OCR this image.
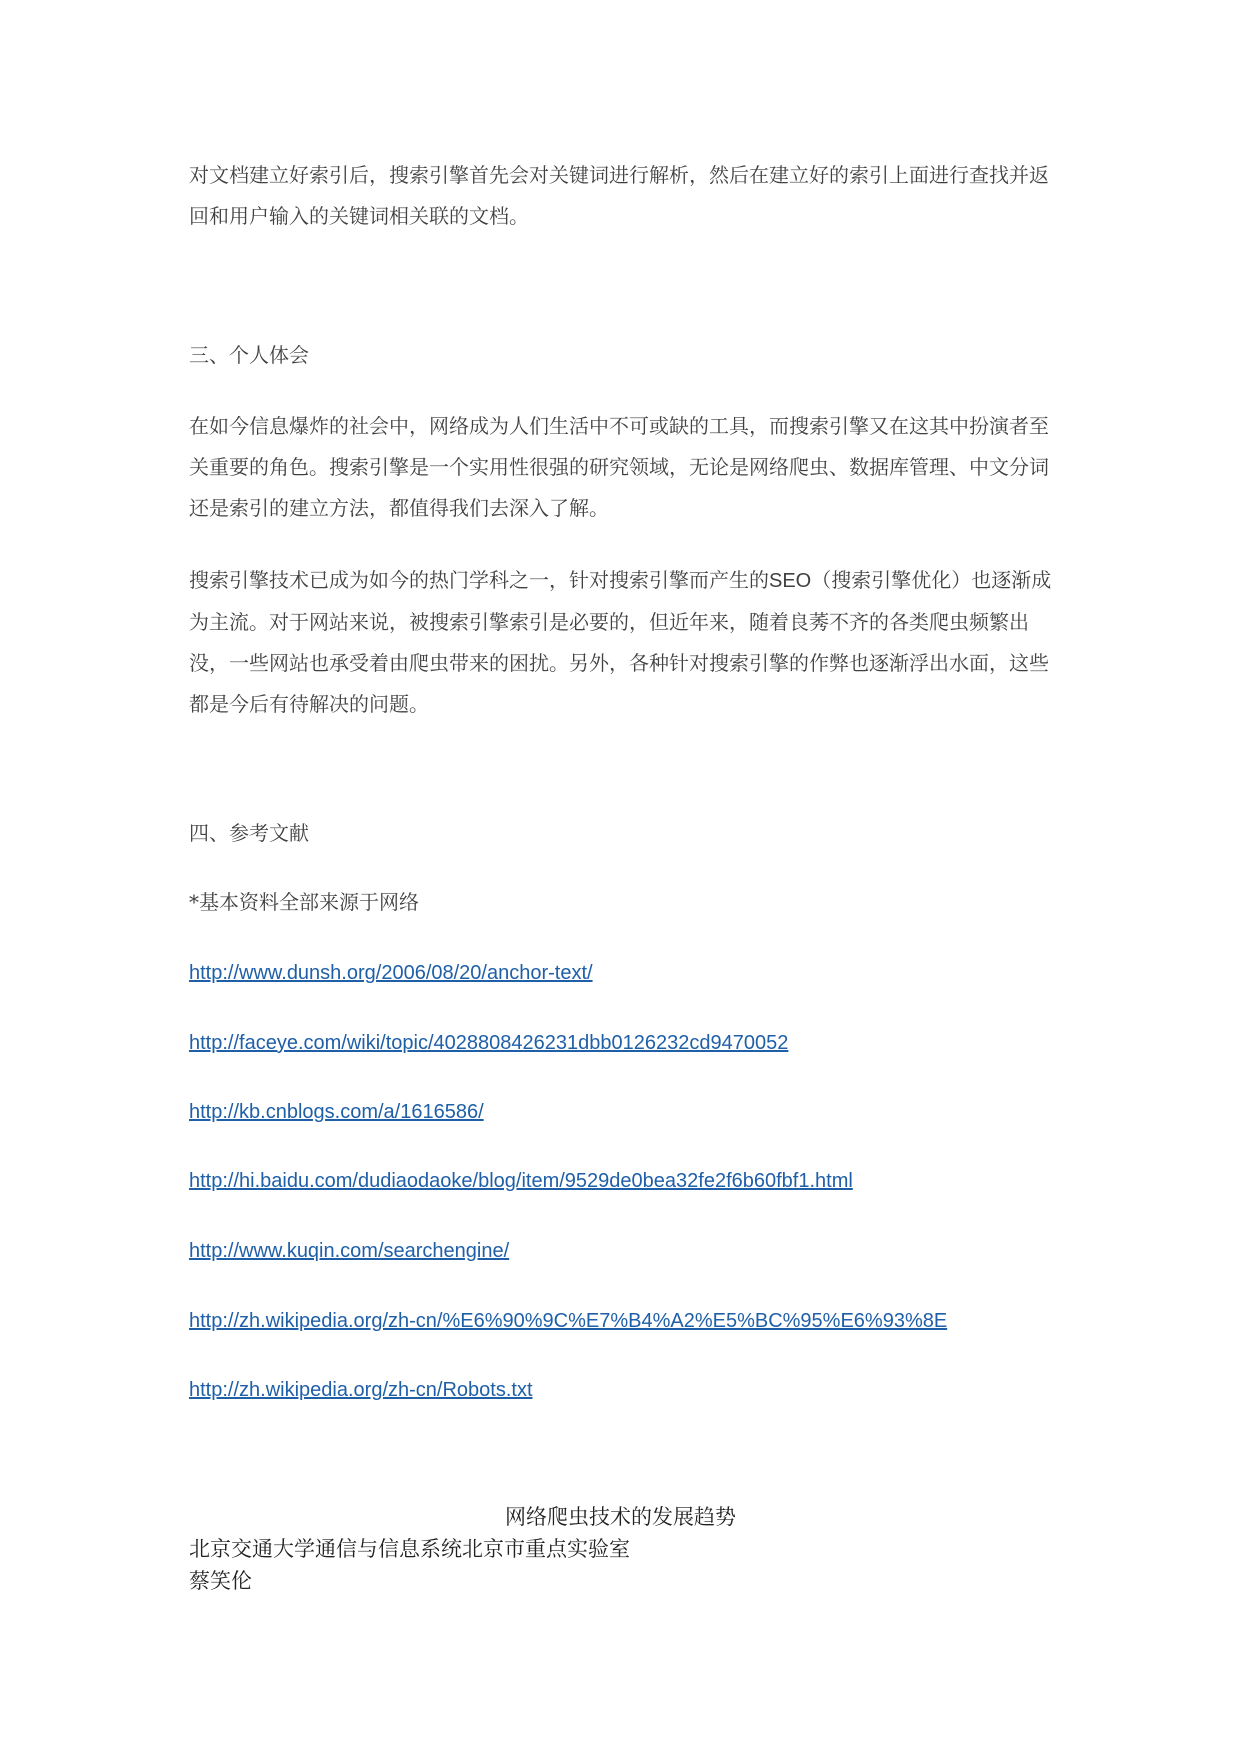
对文档建立好索引后，搜索引擎首先会对关键词进行解析，然后在建立好的索引上面进行查找并返回和用户输入的关键词相关联的文档。

三、个人体会

在如今信息爆炸的社会中，网络成为人们生活中不可或缺的工具，而搜索引擎又在这其中扮演者至关重要的角色。搜索引擎是一个实用性很强的研究领域，无论是网络爬虫、数据库管理、中文分词还是索引的建立方法，都值得我们去深入了解。

搜索引擎技术已成为如今的热门学科之一，针对搜索引擎而产生的SEO（搜索引擎优化）也逐渐成为主流。对于网站来说，被搜索引擎索引是必要的，但近年来，随着良莠不齐的各类爬虫频繁出没，一些网站也承受着由爬虫带来的困扰。另外，各种针对搜索引擎的作弊也逐渐浮出水面，这些都是今后有待解决的问题。

四、参考文献
*基本资料全部来源于网络
http://www.dunsh.org/2006/08/20/anchor-text/
http://faceye.com/wiki/topic/4028808426231dbb0126232cd9470052
http://kb.cnblogs.com/a/1616586/
http://hi.baidu.com/dudiaodaoke/blog/item/9529de0bea32fe2f6b60fbf1.html
http://www.kuqin.com/searchengine/
http://zh.wikipedia.org/zh-cn/%E6%90%9C%E7%B4%A2%E5%BC%95%E6%93%8E
http://zh.wikipedia.org/zh-cn/Robots.txt
网络爬虫技术的发展趋势
北京交通大学通信与信息系统北京市重点实验室
蔡笑伦
